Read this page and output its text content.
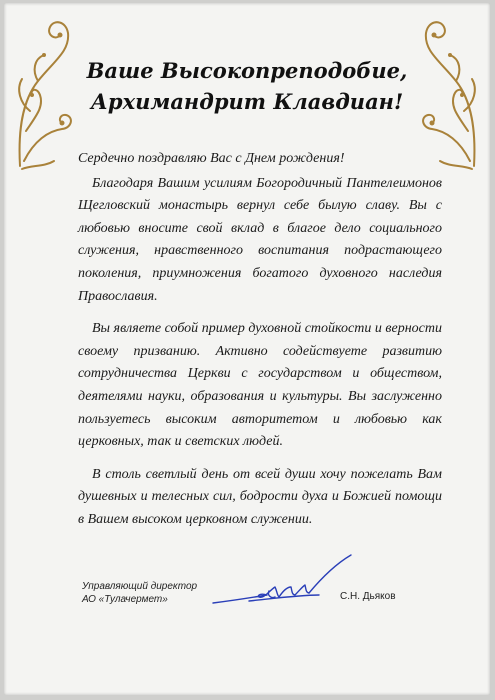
Ваше Высокопреподобие,
Архимандрит Клавдиан!

Сердечно поздравляю Вас с Днем рождения!

Благодаря Вашим усилиям Богородичный Пантелеимонов Щегловский монастырь вернул себе былую славу. Вы с любовью вносите свой вклад в благое дело социального служения, нравственного воспитания подрастающего поколения, приумножения богатого духовного наследия Православия.

Вы являете собой пример духовной стойкости и верности своему призванию. Активно содействуете развитию сотрудничества Церкви с государством и обществом, деятелями науки, образования и культуры. Вы заслуженно пользуетесь высоким авторитетом и любовью как церковных, так и светских людей.

В столь светлый день от всей души хочу пожелать Вам душевных и телесных сил, бодрости духа и Божией помощи в Вашем высоком церковном служении.

Управляющий директор
АО «Тулачермет»	С.Н. Дьяков
